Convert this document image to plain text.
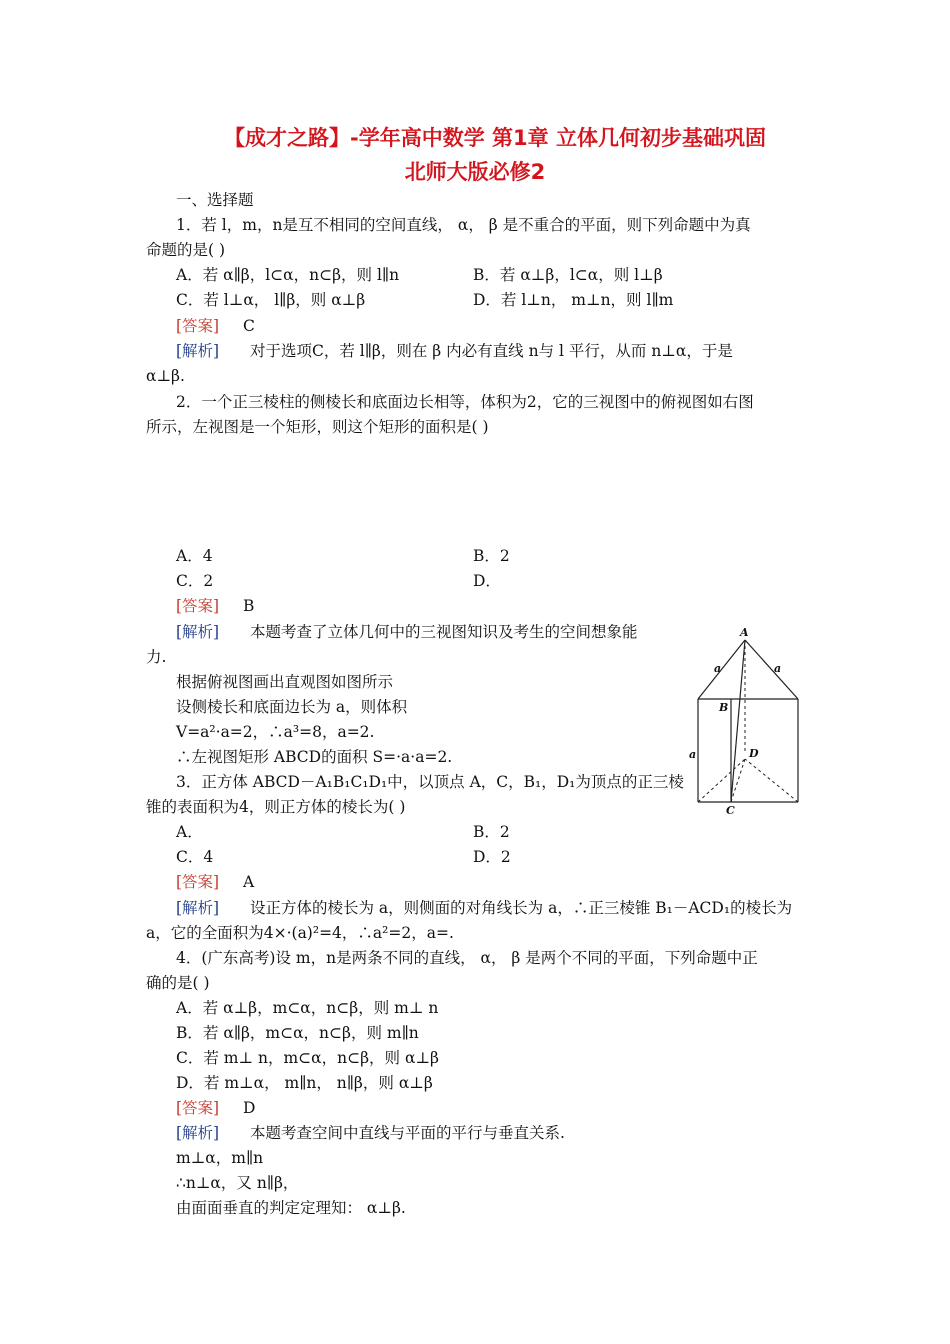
【成才之路】-学年高中数学 第1章 立体几何初步基础巩固
北师大版必修2
一、选择题
1．若 l，m，n是互不相同的空间直线， α， β 是不重合的平面，则下列命题中为真
命题的是( )
A．若 α∥β，l⊂α，n⊂β，则 l∥n	B．若 α⊥β，l⊂α，则 l⊥β
C．若 l⊥α， l∥β，则 α⊥β	D．若 l⊥n， m⊥n，则 l∥m
[答案] C
[解析] 对于选项C，若 l∥β，则在 β 内必有直线 n与 l 平行，从而 n⊥α，于是
α⊥β.
2．一个正三棱柱的侧棱长和底面边长相等，体积为2，它的三视图中的俯视图如右图
所示，左视图是一个矩形，则这个矩形的面积是( )
A．4	B．2
C．2	D．
[答案] B
[解析] 本题考查了立体几何中的三视图知识及考生的空间想象能
力.
根据俯视图画出直观图如图所示
设侧棱长和底面边长为 a，则体积
V=a²·a=2，∴a³=8，a=2.
∴左视图矩形 ABCD的面积 S=·a·a=2.
3．正方体 ABCD－A₁B₁C₁D₁中，以顶点 A，C，B₁，D₁为顶点的正三棱
锥的表面积为4，则正方体的棱长为( )
A．	B．2
C．4	D．2
[答案] A
[解析] 设正方体的棱长为 a，则侧面的对角线长为 a，∴正三棱锥 B₁－ACD₁的棱长为
a，它的全面积为4×·(a)²=4，∴a²=2，a=.
4．(广东高考)设 m，n是两条不同的直线， α， β 是两个不同的平面，下列命题中正
确的是( )
A．若 α⊥β，m⊂α，n⊂β，则 m⊥ n
B．若 α∥β，m⊂α，n⊂β，则 m∥n
C．若 m⊥ n，m⊂α，n⊂β，则 α⊥β
D．若 m⊥α， m∥n， n∥β，则 α⊥β
[答案] D
[解析] 本题考查空间中直线与平面的平行与垂直关系.
m⊥α，m∥n
∴n⊥α，又 n∥β，
由面面垂直的判定定理知： α⊥β.
A
a	a
B
a	D
C
